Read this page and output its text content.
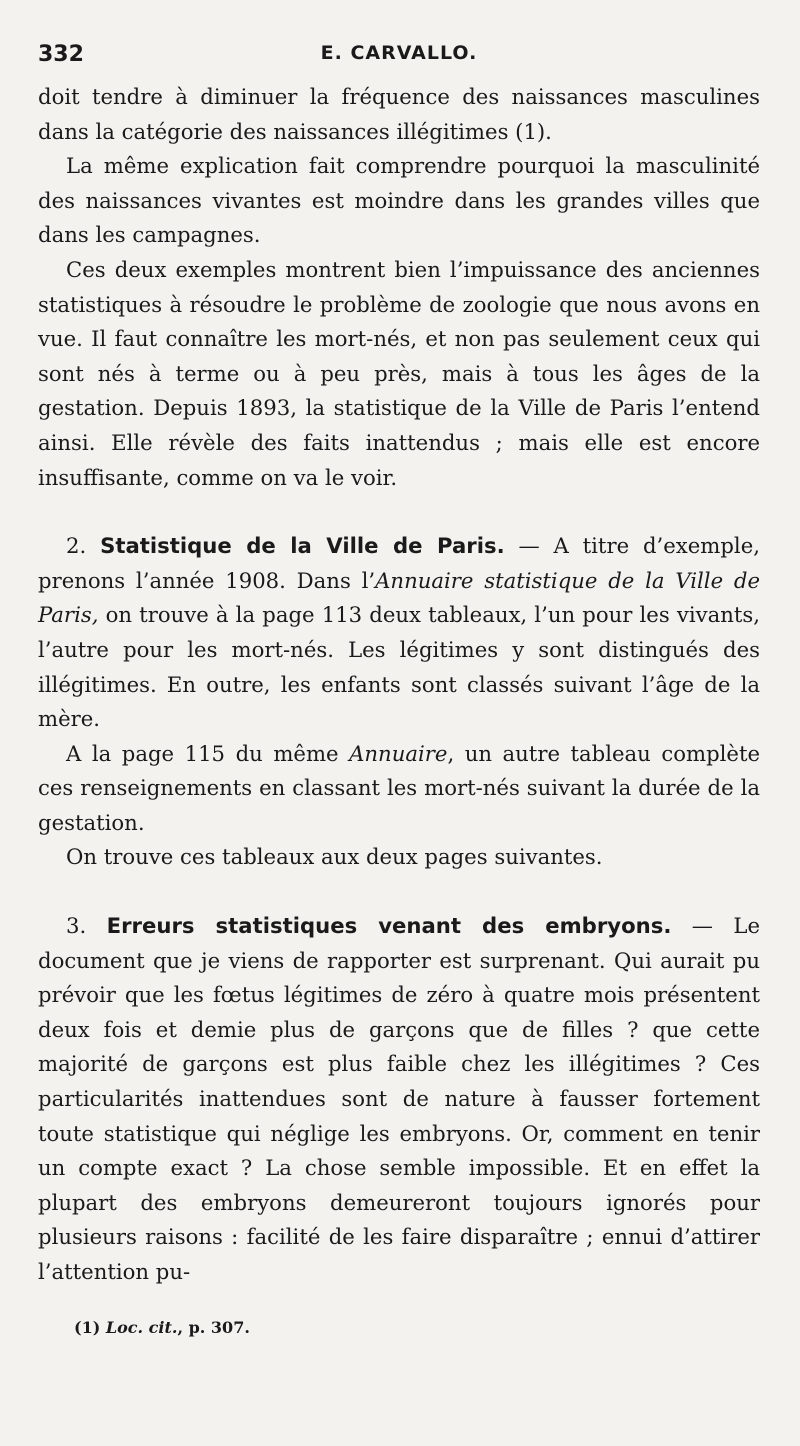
332	E. CARVALLO.

doit tendre à diminuer la fréquence des naissances masculines dans la catégorie des naissances illégitimes (1).

La même explication fait comprendre pourquoi la masculinité des naissances vivantes est moindre dans les grandes villes que dans les campagnes.

Ces deux exemples montrent bien l’impuissance des anciennes statistiques à résoudre le problème de zoologie que nous avons en vue. Il faut connaître les mort-nés, et non pas seulement ceux qui sont nés à terme ou à peu près, mais à tous les âges de la gestation. Depuis 1893, la statistique de la Ville de Paris l’entend ainsi. Elle révèle des faits inattendus ; mais elle est encore insuffisante, comme on va le voir.

2. Statistique de la Ville de Paris. — A titre d’exemple, prenons l’année 1908. Dans l’Annuaire statistique de la Ville de Paris, on trouve à la page 113 deux tableaux, l’un pour les vivants, l’autre pour les mort-nés. Les légitimes y sont distingués des illégitimes. En outre, les enfants sont classés suivant l’âge de la mère.

A la page 115 du même Annuaire, un autre tableau complète ces renseignements en classant les mort-nés suivant la durée de la gestation.

On trouve ces tableaux aux deux pages suivantes.

3. Erreurs statistiques venant des embryons. — Le document que je viens de rapporter est surprenant. Qui aurait pu prévoir que les fœtus légitimes de zéro à quatre mois présentent deux fois et demie plus de garçons que de filles ? que cette majorité de garçons est plus faible chez les illégitimes ? Ces particularités inattendues sont de nature à fausser fortement toute statistique qui néglige les embryons. Or, comment en tenir un compte exact ? La chose semble impossible. Et en effet la plupart des embryons demeureront toujours ignorés pour plusieurs raisons : facilité de les faire disparaître ; ennui d’attirer l’attention pu-

(1) Loc. cit., p. 307.
